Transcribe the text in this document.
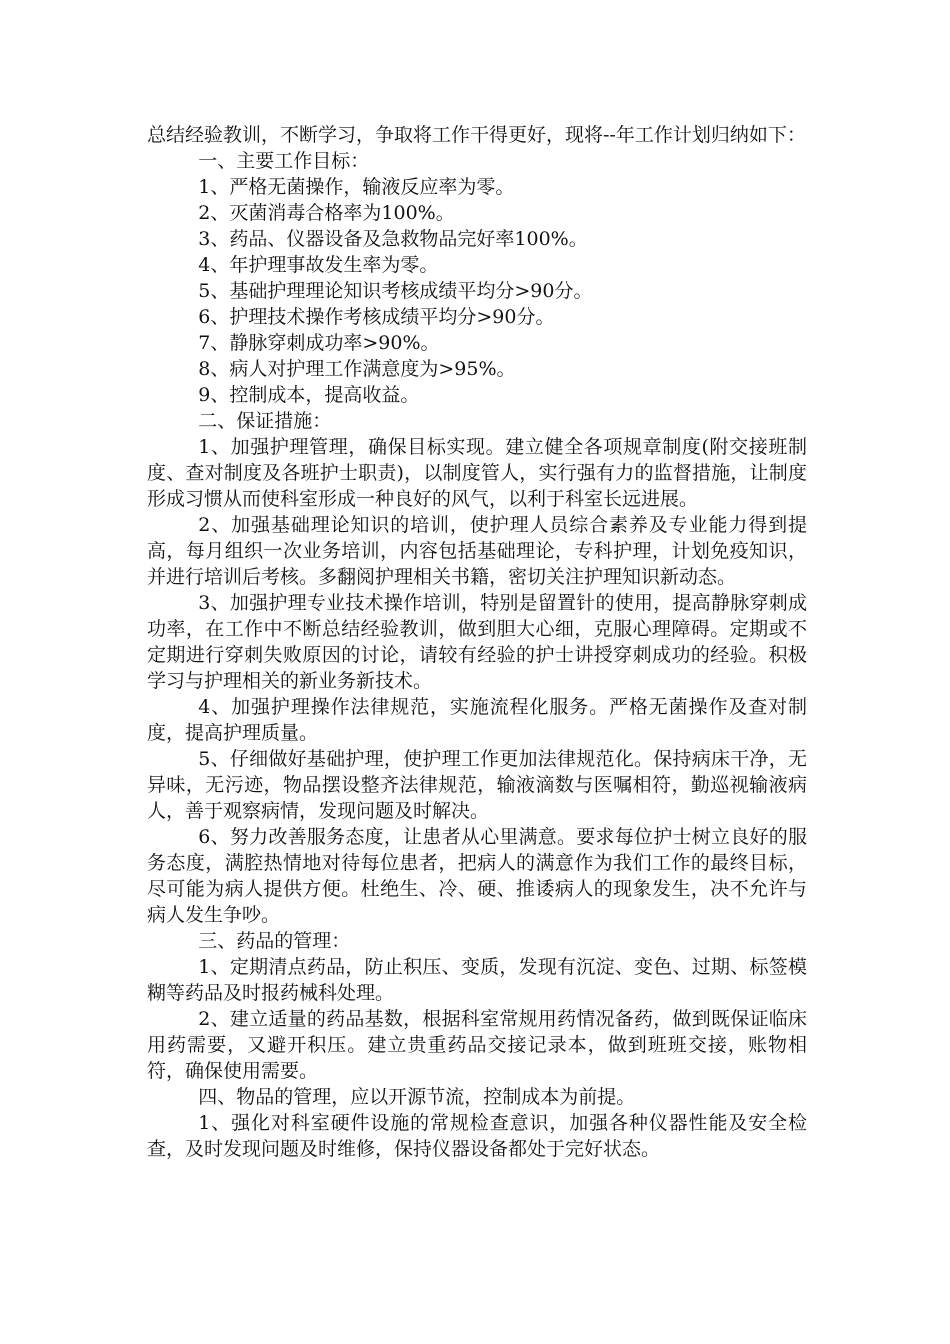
总结经验教训，不断学习，争取将工作干得更好，现将--年工作计划归纳如下：

一、主要工作目标：

1、严格无菌操作，输液反应率为零。

2、灭菌消毒合格率为100%。

3、药品、仪器设备及急救物品完好率100%。

4、年护理事故发生率为零。

5、基础护理理论知识考核成绩平均分>90分。

6、护理技术操作考核成绩平均分>90分。

7、静脉穿刺成功率>90%。

8、病人对护理工作满意度为>95%。

9、控制成本，提高收益。

二、保证措施：

1、加强护理管理，确保目标实现。建立健全各项规章制度(附交接班制度、查对制度及各班护士职责)，以制度管人，实行强有力的监督措施，让制度形成习惯从而使科室形成一种良好的风气，以利于科室长远进展。

2、加强基础理论知识的培训，使护理人员综合素养及专业能力得到提高，每月组织一次业务培训，内容包括基础理论，专科护理，计划免疫知识，并进行培训后考核。多翻阅护理相关书籍，密切关注护理知识新动态。

3、加强护理专业技术操作培训，特别是留置针的使用，提高静脉穿刺成功率，在工作中不断总结经验教训，做到胆大心细，克服心理障碍。定期或不定期进行穿刺失败原因的讨论，请较有经验的护士讲授穿刺成功的经验。积极学习与护理相关的新业务新技术。

4、加强护理操作法律规范，实施流程化服务。严格无菌操作及查对制度，提高护理质量。

5、仔细做好基础护理，使护理工作更加法律规范化。保持病床干净，无异味，无污迹，物品摆设整齐法律规范，输液滴数与医嘱相符，勤巡视输液病人，善于观察病情，发现问题及时解决。

6、努力改善服务态度，让患者从心里满意。要求每位护士树立良好的服务态度，满腔热情地对待每位患者，把病人的满意作为我们工作的最终目标，尽可能为病人提供方便。杜绝生、冷、硬、推诿病人的现象发生，决不允许与病人发生争吵。

三、药品的管理：

1、定期清点药品，防止积压、变质，发现有沉淀、变色、过期、标签模糊等药品及时报药械科处理。

2、建立适量的药品基数，根据科室常规用药情况备药，做到既保证临床用药需要，又避开积压。建立贵重药品交接记录本，做到班班交接，账物相符，确保使用需要。

四、物品的管理，应以开源节流，控制成本为前提。

1、强化对科室硬件设施的常规检查意识，加强各种仪器性能及安全检查，及时发现问题及时维修，保持仪器设备都处于完好状态。
